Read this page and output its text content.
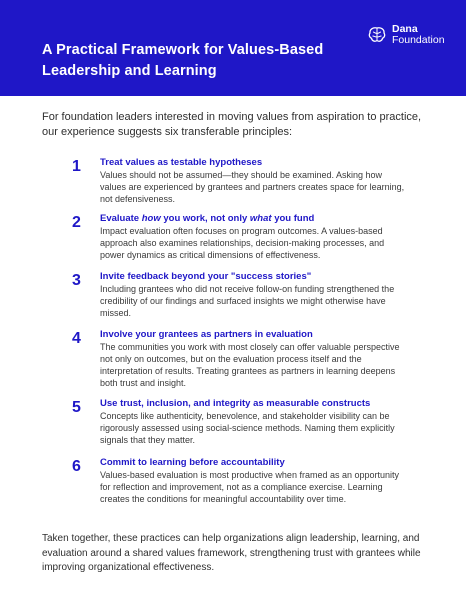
A Practical Framework for Values-Based Leadership and Learning
Dana
Foundation

For foundation leaders interested in moving values from aspiration to practice, our experience suggests six transferable principles:

1	Treat values as testable hypotheses
Values should not be assumed—they should be examined. Asking how values are experienced by grantees and partners creates space for learning, not defensiveness.
2	Evaluate how you work, not only what you fund
Impact evaluation often focuses on program outcomes. A values-based approach also examines relationships, decision-making processes, and power dynamics as critical dimensions of effectiveness.
3	Invite feedback beyond your "success stories"
Including grantees who did not receive follow-on funding strengthened the credibility of our findings and surfaced insights we might otherwise have missed.
4	Involve your grantees as partners in evaluation
The communities you work with most closely can offer valuable perspective not only on outcomes, but on the evaluation process itself and the interpretation of results. Treating grantees as partners in learning deepens both trust and insight.
5	Use trust, inclusion, and integrity as measurable constructs
Concepts like authenticity, benevolence, and stakeholder visibility can be rigorously assessed using social-science methods. Naming them explicitly signals that they matter.
6	Commit to learning before accountability
Values-based evaluation is most productive when framed as an opportunity for reflection and improvement, not as a compliance exercise. Learning creates the conditions for meaningful accountability over time.

Taken together, these practices can help organizations align leadership, learning, and evaluation around a shared values framework, strengthening trust with grantees while improving organizational effectiveness.
